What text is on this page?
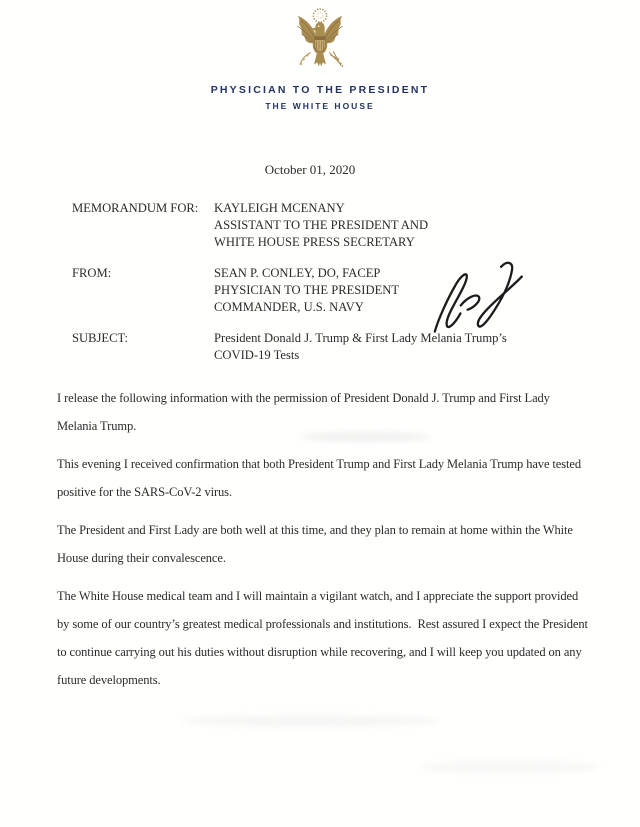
PHYSICIAN TO THE PRESIDENT
THE WHITE HOUSE
October 01, 2020
MEMORANDUM FOR:	KAYLEIGH MCENANY
ASSISTANT TO THE PRESIDENT AND
WHITE HOUSE PRESS SECRETARY
FROM:	SEAN P. CONLEY, DO, FACEP
PHYSICIAN TO THE PRESIDENT
COMMANDER, U.S. NAVY
SUBJECT:	President Donald J. Trump & First Lady Melania Trump’s
COVID-19 Tests

I release the following information with the permission of President Donald J. Trump and First Lady Melania Trump.

This evening I received confirmation that both President Trump and First Lady Melania Trump have tested positive for the SARS-CoV-2 virus.

The President and First Lady are both well at this time, and they plan to remain at home within the White House during their convalescence.

The White House medical team and I will maintain a vigilant watch, and I appreciate the support provided by some of our country’s greatest medical professionals and institutions.  Rest assured I expect the President to continue carrying out his duties without disruption while recovering, and I will keep you updated on any future developments.
